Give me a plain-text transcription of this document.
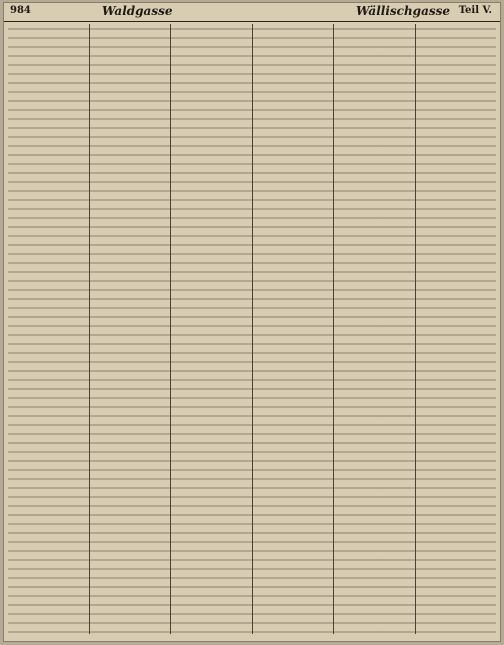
984	Waldgasse	Wällischgasse Teil V.
